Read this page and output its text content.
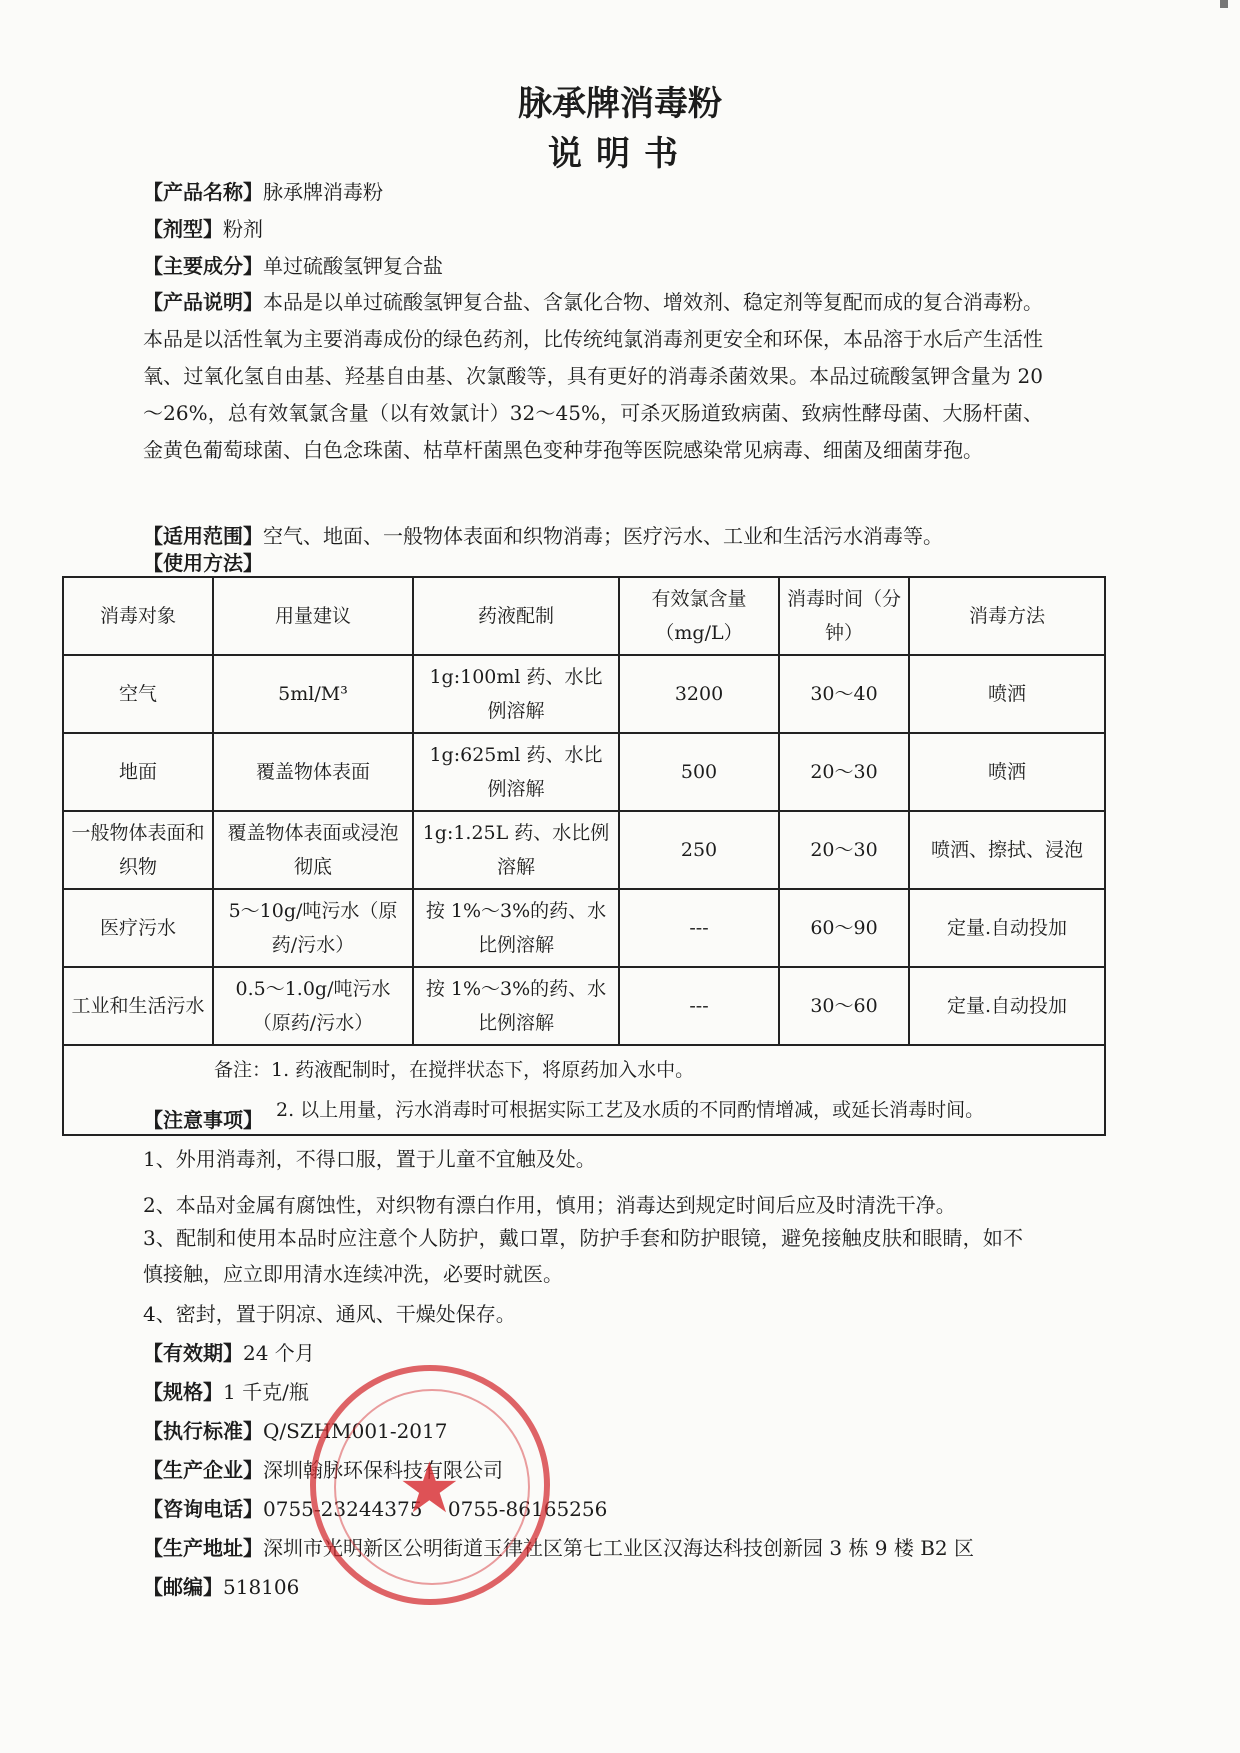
脉承牌消毒粉
说明书
【产品名称】脉承牌消毒粉
【剂型】粉剂
【主要成分】单过硫酸氢钾复合盐
【产品说明】本品是以单过硫酸氢钾复合盐、含氯化合物、增效剂、稳定剂等复配而成的复合消毒粉。本品是以活性氧为主要消毒成份的绿色药剂，比传统纯氯消毒剂更安全和环保，本品溶于水后产生活性氧、过氧化氢自由基、羟基自由基、次氯酸等，具有更好的消毒杀菌效果。本品过硫酸氢钾含量为 20～26%，总有效氧氯含量（以有效氯计）32～45%，可杀灭肠道致病菌、致病性酵母菌、大肠杆菌、金黄色葡萄球菌、白色念珠菌、枯草杆菌黑色变种芽孢等医院感染常见病毒、细菌及细菌芽孢。
【适用范围】空气、地面、一般物体表面和织物消毒；医疗污水、工业和生活污水消毒等。
【使用方法】
消毒对象	用量建议	药液配制	有效氯含量（mg/L）	消毒时间（分钟）	消毒方法
空气	5ml/M³	1g:100ml 药、水比例溶解	3200	30～40	喷洒
地面	覆盖物体表面	1g:625ml 药、水比例溶解	500	20～30	喷洒
一般物体表面和织物	覆盖物体表面或浸泡彻底	1g:1.25L 药、水比例溶解	250	20～30	喷洒、擦拭、浸泡
医疗污水	5～10g/吨污水（原药/污水）	按 1%～3%的药、水比例溶解	---	60～90	定量.自动投加
工业和生活污水	0.5～1.0g/吨污水（原药/污水）	按 1%～3%的药、水比例溶解	---	30～60	定量.自动投加

备注：1. 药液配制时，在搅拌状态下，将原药加入水中。
2. 以上用量，污水消毒时可根据实际工艺及水质的不同酌情增减，或延长消毒时间。					
【注意事项】
1、外用消毒剂，不得口服，置于儿童不宜触及处。
2、本品对金属有腐蚀性，对织物有漂白作用，慎用；消毒达到规定时间后应及时清洗干净。
3、配制和使用本品时应注意个人防护，戴口罩，防护手套和防护眼镜，避免接触皮肤和眼睛，如不慎接触，应立即用清水连续冲洗，必要时就医。
4、密封，置于阴凉、通风、干燥处保存。
【有效期】24 个月
【规格】1 千克/瓶
【执行标准】Q/SZHM001-2017
【生产企业】深圳翰脉环保科技有限公司
【咨询电话】0755-23244375    0755-86165256
【生产地址】深圳市光明新区公明街道玉律社区第七工业区汉海达科技创新园 3 栋 9 楼 B2 区
【邮编】518106
★
